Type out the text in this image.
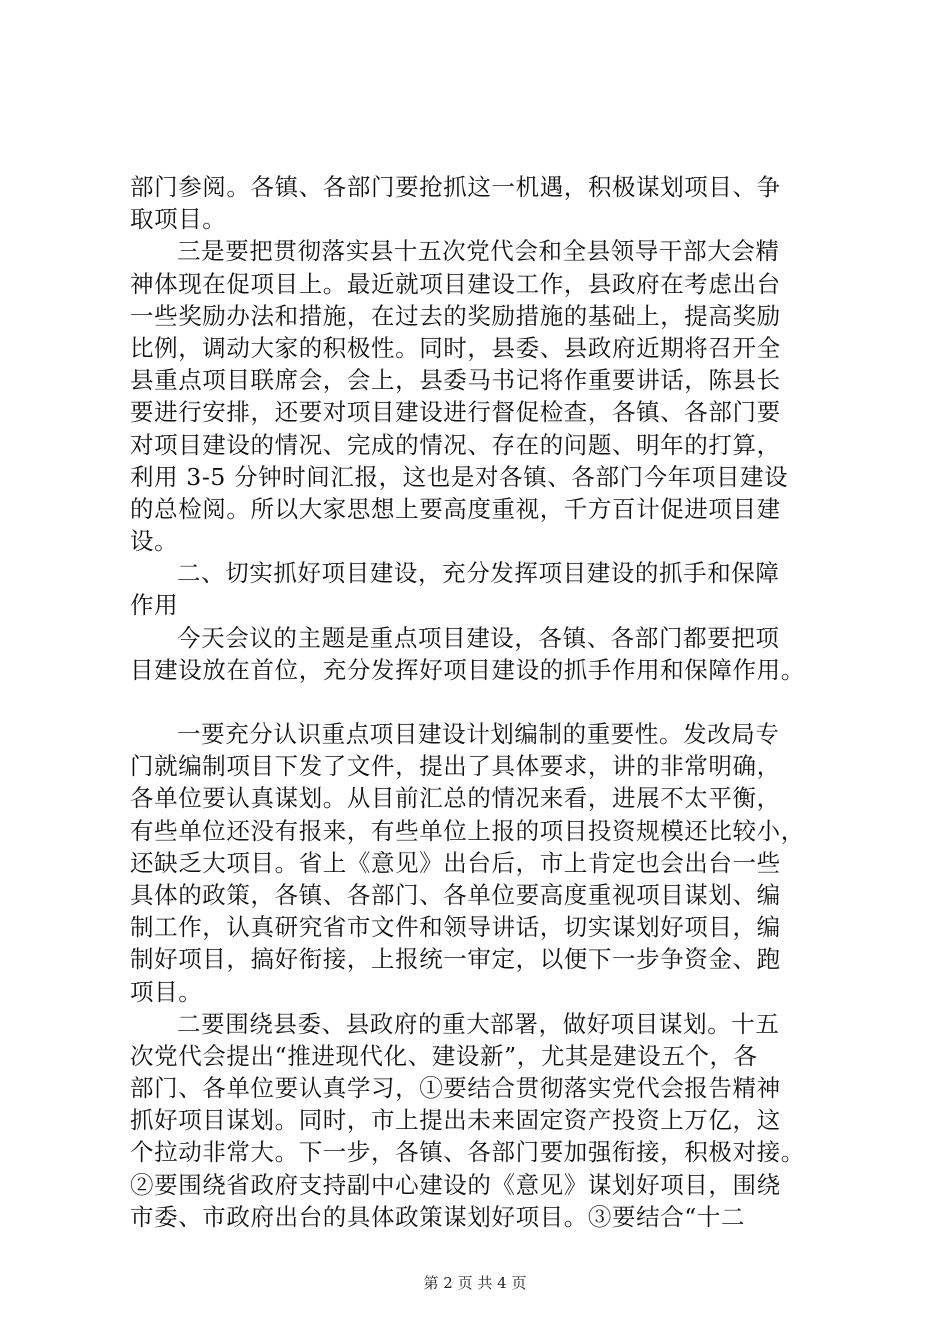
部门参阅。各镇、各部门要抢抓这一机遇，积极谋划项目、争

取项目。

三是要把贯彻落实县十五次党代会和全县领导干部大会精

神体现在促项目上。最近就项目建设工作，县政府在考虑出台

一些奖励办法和措施，在过去的奖励措施的基础上，提高奖励

比例，调动大家的积极性。同时，县委、县政府近期将召开全

县重点项目联席会，会上，县委马书记将作重要讲话，陈县长

要进行安排，还要对项目建设进行督促检查，各镇、各部门要

对项目建设的情况、完成的情况、存在的问题、明年的打算，

利用 3-5 分钟时间汇报，这也是对各镇、各部门今年项目建设

的总检阅。所以大家思想上要高度重视，千方百计促进项目建

设。

二、切实抓好项目建设，充分发挥项目建设的抓手和保障

作用

今天会议的主题是重点项目建设，各镇、各部门都要把项

目建设放在首位，充分发挥好项目建设的抓手作用和保障作用。

一要充分认识重点项目建设计划编制的重要性。发改局专

门就编制项目下发了文件，提出了具体要求，讲的非常明确，

各单位要认真谋划。从目前汇总的情况来看，进展不太平衡，

有些单位还没有报来，有些单位上报的项目投资规模还比较小，

还缺乏大项目。省上《意见》出台后，市上肯定也会出台一些

具体的政策，各镇、各部门、各单位要高度重视项目谋划、编

制工作，认真研究省市文件和领导讲话，切实谋划好项目，编

制好项目，搞好衔接，上报统一审定，以便下一步争资金、跑

项目。

二要围绕县委、县政府的重大部署，做好项目谋划。十五

次党代会提出“推进现代化、建设新”，尤其是建设五个，各

部门、各单位要认真学习，①要结合贯彻落实党代会报告精神

抓好项目谋划。同时，市上提出未来固定资产投资上万亿，这

个拉动非常大。下一步，各镇、各部门要加强衔接，积极对接。

②要围绕省政府支持副中心建设的《意见》谋划好项目，围绕

市委、市政府出台的具体政策谋划好项目。③要结合“十二

第 2 页 共 4 页
